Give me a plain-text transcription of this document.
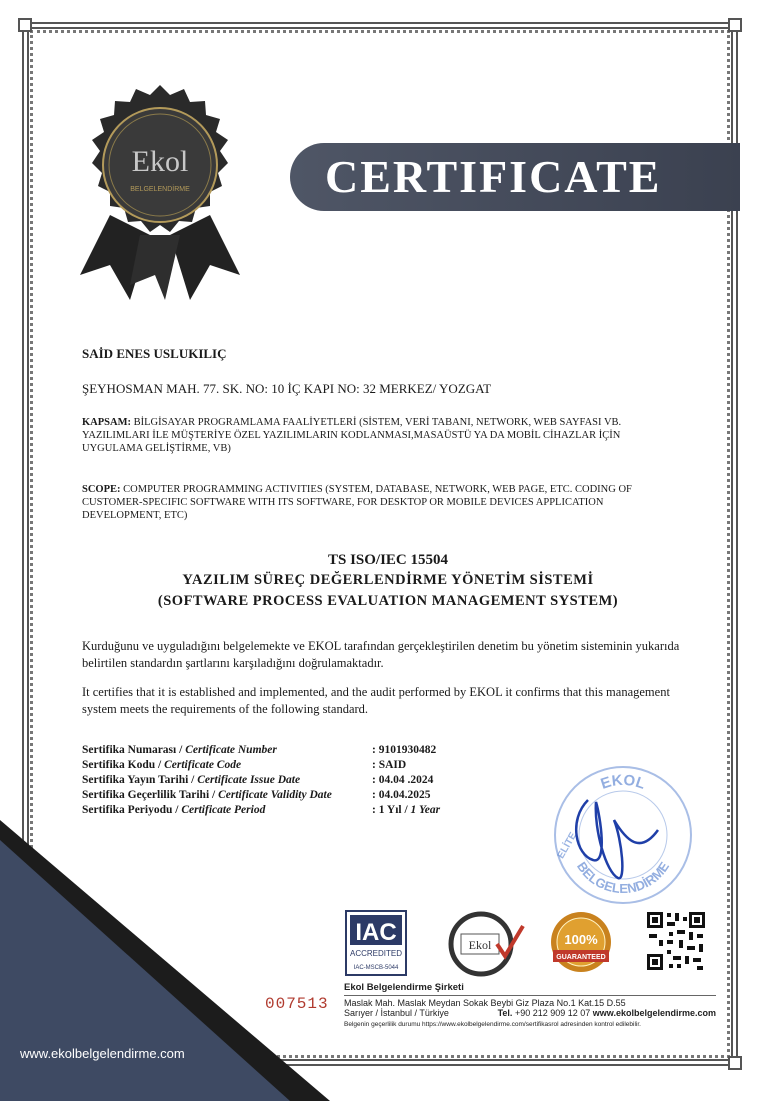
Ekol
BELGELENDİRME	CERTIFICATE
SAİD ENES USLUKILIÇ
ŞEYHOSMAN MAH. 77. SK. NO: 10 İÇ KAPI NO: 32 MERKEZ/ YOZGAT
KAPSAM: BİLGİSAYAR PROGRAMLAMA FAALİYETLERİ (SİSTEM, VERİ TABANI, NETWORK, WEB SAYFASI VB. YAZILIMLARI İLE MÜŞTERİYE ÖZEL YAZILIMLARIN KODLANMASI,MASAÜSTÜ YA DA MOBİL CİHAZLAR İÇİN UYGULAMA GELİŞTİRME, VB)
SCOPE: COMPUTER PROGRAMMING ACTIVITIES (SYSTEM, DATABASE, NETWORK, WEB PAGE, ETC. CODING OF CUSTOMER-SPECIFIC SOFTWARE WITH ITS SOFTWARE, FOR DESKTOP OR MOBILE DEVICES APPLICATION DEVELOPMENT, ETC)
TS ISO/IEC 15504
YAZILIM SÜREÇ DEĞERLENDİRME YÖNETİM SİSTEMİ
(SOFTWARE PROCESS EVALUATION MANAGEMENT SYSTEM)
Kurduğunu ve uyguladığını belgelemekte ve EKOL tarafından gerçekleştirilen denetim bu yönetim sisteminin yukarıda belirtilen standardın şartlarını karşıladığını doğrulamaktadır.
It certifies that it is established and implemented, and the audit performed by EKOL it confirms that this management system meets the requirements of the following standard.
Sertifika Numarası / Certificate Number	: 9101930482
Sertifika Kodu / Certificate Code	: SAID
Sertifika Yayın Tarihi / Certificate Issue Date	: 04.04 .2024
Sertifika Geçerlilik Tarihi / Certificate Validity Date	: 04.04.2025
Sertifika Periyodu / Certificate Period	: 1 Yıl / 1 Year
EKOL
BELGELENDİRME
ELİTE
www.ekolbelgelendirme.com
IAC
ACCREDITED
IAC-MSCB-5044
Ekol	100%
GUARANTEED
007513
Ekol Belgelendirme Şirketi
Maslak Mah. Maslak Meydan Sokak Beybi Giz Plaza No.1 Kat.15 D.55
Sarıyer / İstanbul / Türkiye	Tel. +90 212 909 12 07 www.ekolbelgelendirme.com
Belgenin geçerlilik durumu https://www.ekolbelgelendirme.com/sertifikasrol adresinden kontrol edilebilir.
